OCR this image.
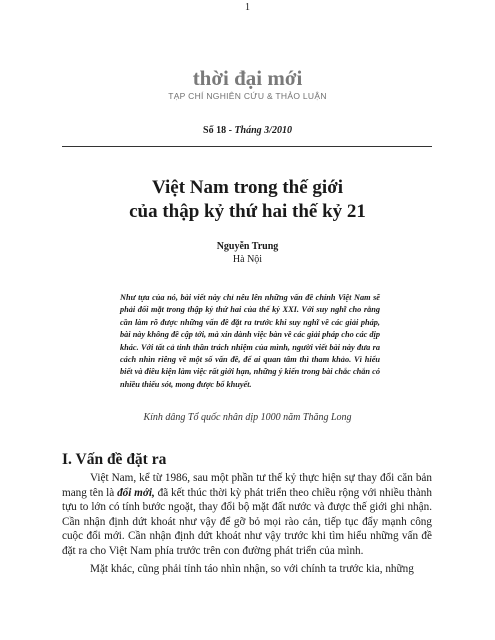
1
thời đại mới
TẠP CHÍ NGHIÊN CỨU & THẢO LUẬN
Số 18 - Tháng 3/2010
Việt Nam trong thế giới
của thập kỷ thứ hai thế kỷ 21
Nguyễn Trung
Hà Nội
Như tựa của nó, bài viết này chỉ nêu lên những vấn đề chính Việt Nam sẽ phải đối mặt trong thập kỷ thứ hai của thế kỷ XXI. Với suy nghĩ cho rằng cần làm rõ được những vấn đề đặt ra trước khi suy nghĩ về các giải pháp, bài này không đề cập tới, mà xin dành việc bàn về các giải pháp cho các dịp khác. Với tất cả tinh thần trách nhiệm của mình, người viết bài này đưa ra cách nhìn riêng về một số vấn đề, để ai quan tâm thì tham khảo. Vì hiểu biết và điều kiện làm việc rất giới hạn, những ý kiến trong bài chắc chắn có nhiều thiếu sót, mong được bổ khuyết.
Kính dâng Tổ quốc nhân dịp 1000 năm Thăng Long
I. Vấn đề đặt ra

Việt Nam, kể từ 1986, sau một phần tư thế kỷ thực hiện sự thay đổi căn bản mang tên là đổi mới, đã kết thúc thời kỳ phát triển theo chiều rộng với nhiều thành tựu to lớn có tính bước ngoặt, thay đổi bộ mặt đất nước và được thế giới ghi nhận. Cần nhận định dứt khoát như vậy để gỡ bỏ mọi rào cản, tiếp tục đẩy mạnh công cuộc đổi mới. Cần nhận định dứt khoát như vậy trước khi tìm hiểu những vấn đề đặt ra cho Việt Nam phía trước trên con đường phát triển của mình.

Mặt khác, cũng phải tỉnh táo nhìn nhận, so với chính ta trước kia, những
